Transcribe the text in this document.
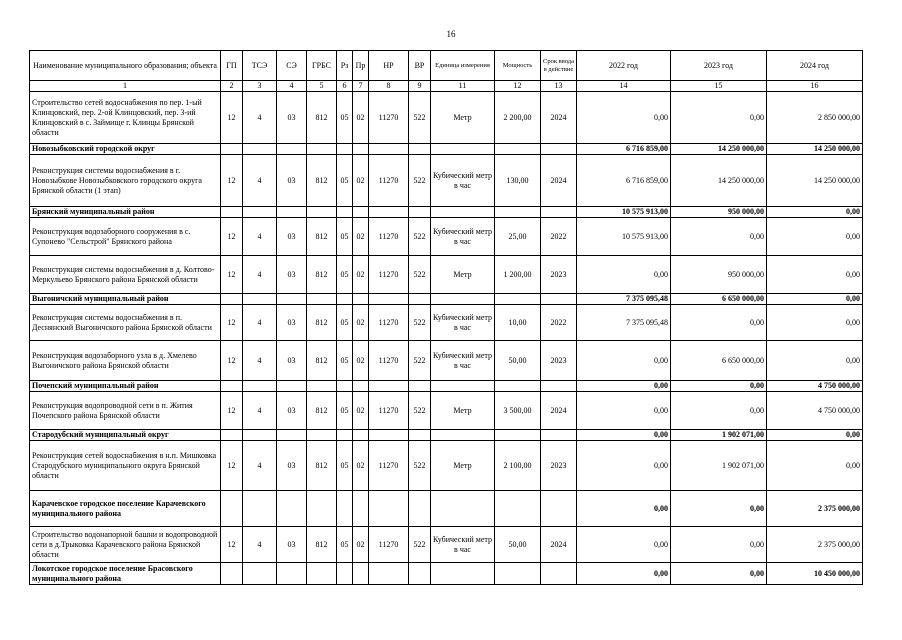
16
Наименование муниципального образования; объекта	ГП	ТСЭ	СЭ	ГРБС	Рз	Пр	НР	ВР	Единица измерения	Мощность	Срок ввода в действие	2022 год	2023 год	2024 год
1	2	3	4	5	6	7	8	9	11	12	13	14	15	16
Строительство сетей водоснабжения по пер. 1-ый Клинцовский, пер. 2-ой Клинцовский, пер. 3-ий Клинцовский в с. Займище г. Клинцы Брянской области	12	4	03	812	05	02	11270	522	Метр	2 200,00	2024	0,00	0,00	2 850 000,00
Новозыбковский городской округ												6 716 859,00	14 250 000,00	14 250 000,00
Реконструкция системы водоснабжения в г. Новозыбкове Новозыбковского городского округа Брянской области (1 этап)	12	4	03	812	05	02	11270	522	Кубический метр в час	130,00	2024	6 716 859,00	14 250 000,00	14 250 000,00
Брянский муниципальный район												10 575 913,00	950 000,00	0,00
Реконструкция водозаборного сооружения в с. Супонево "Сельстрой" Брянского района	12	4	03	812	05	02	11270	522	Кубический метр в час	25,00	2022	10 575 913,00	0,00	0,00
Реконструкция системы водоснабжения в д. Колтово-Меркульево Брянского района Брянской области	12	4	03	812	05	02	11270	522	Метр	1 200,00	2023	0,00	950 000,00	0,00
Выгоничский муниципальный район												7 375 095,48	6 650 000,00	0,00
Реконструкция системы водоснабжения в п. Деснянский Выгоничского района Брянской области	12	4	03	812	05	02	11270	522	Кубический метр в час	10,00	2022	7 375 095,48	0,00	0,00
Реконструкция водозаборного узла в д. Хмелево Выгоничского района Брянской области	12	4	03	812	05	02	11270	522	Кубический метр в час	50,00	2023	0,00	6 650 000,00	0,00
Почепский муниципальный район												0,00	0,00	4 750 000,00
Реконструкция водопроводной сети в п. Жития Почепского района Брянской области	12	4	03	812	05	02	11270	522	Метр	3 500,00	2024	0,00	0,00	4 750 000,00
Стародубский муниципальный округ												0,00	1 902 071,00	0,00
Реконструкция сетей водоснабжения в н.п. Мишковка Стародубского муниципального округа Брянской области	12	4	03	812	05	02	11270	522	Метр	2 100,00	2023	0,00	1 902 071,00	0,00
Карачевское городское поселение Карачевского муниципального района												0,00	0,00	2 375 000,00
Строительство водонапорной башни и водопроводной сети в д.Трыковка Карачевского района Брянской области	12	4	03	812	05	02	11270	522	Кубический метр в час	50,00	2024	0,00	0,00	2 375 000,00
Локотское городское поселение Брасовского муниципального района												0,00	0,00	10 450 000,00
